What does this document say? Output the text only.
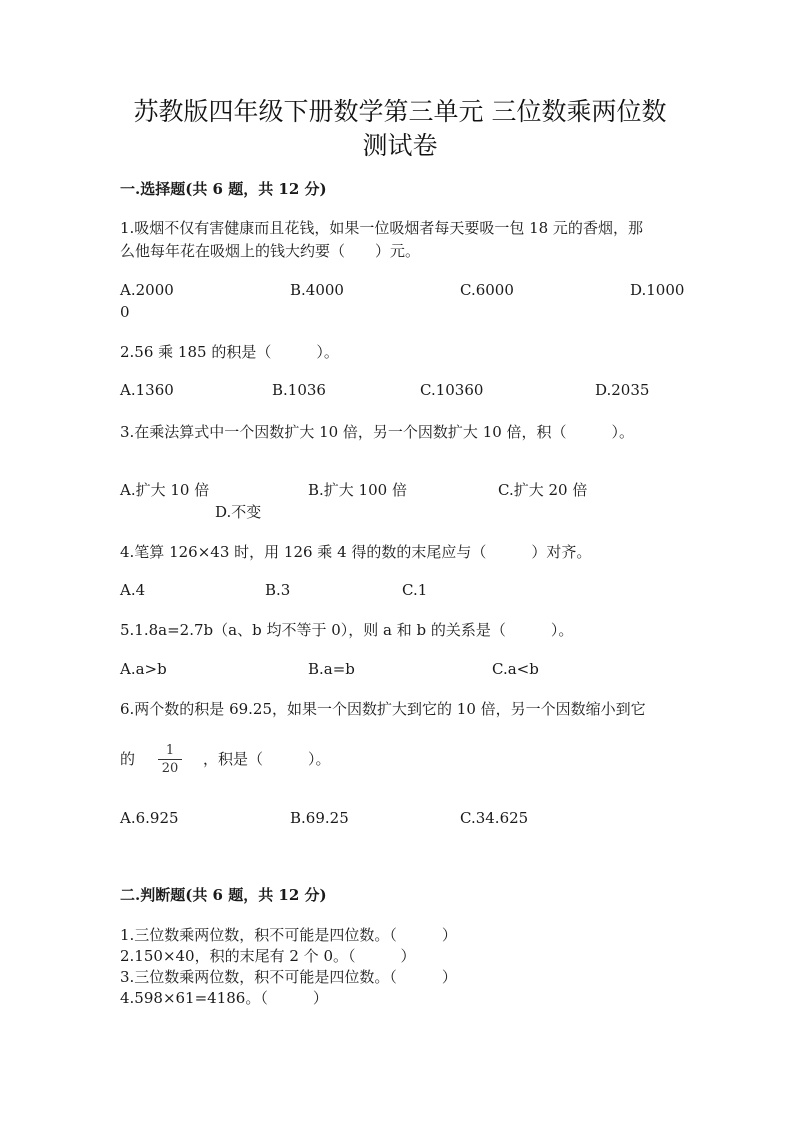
苏教版四年级下册数学第三单元 三位数乘两位数
测试卷
一.选择题(共 6 题，共 12 分)
1.吸烟不仅有害健康而且花钱，如果一位吸烟者每天要吸一包 18 元的香烟，那
么他每年花在吸烟上的钱大约要（　　）元。
A.2000	B.4000	C.6000	D.1000
0
2.56 乘 185 的积是（　　　）。
A.1360	B.1036	C.10360	D.2035
3.在乘法算式中一个因数扩大 10 倍，另一个因数扩大 10 倍，积（　　　）。
A.扩大 10 倍	B.扩大 100 倍	C.扩大 20 倍
D.不变
4.笔算 126×43 时，用 126 乘 4 得的数的末尾应与（　　　）对齐。
A.4	B.3	C.1
5.1.8a=2.7b（a、b 均不等于 0），则 a 和 b 的关系是（　　　）。
A.a>b	B.a=b	C.a<b
6.两个数的积是 69.25，如果一个因数扩大到它的 10 倍，另一个因数缩小到它
的	1
20
，积是（　　　）。
A.6.925	B.69.25	C.34.625
二.判断题(共 6 题，共 12 分)
1.三位数乘两位数，积不可能是四位数。（　　　）
2.150×40，积的末尾有 2 个 0。（　　　）
3.三位数乘两位数，积不可能是四位数。（　　　）
4.598×61=4186。（　　　）
